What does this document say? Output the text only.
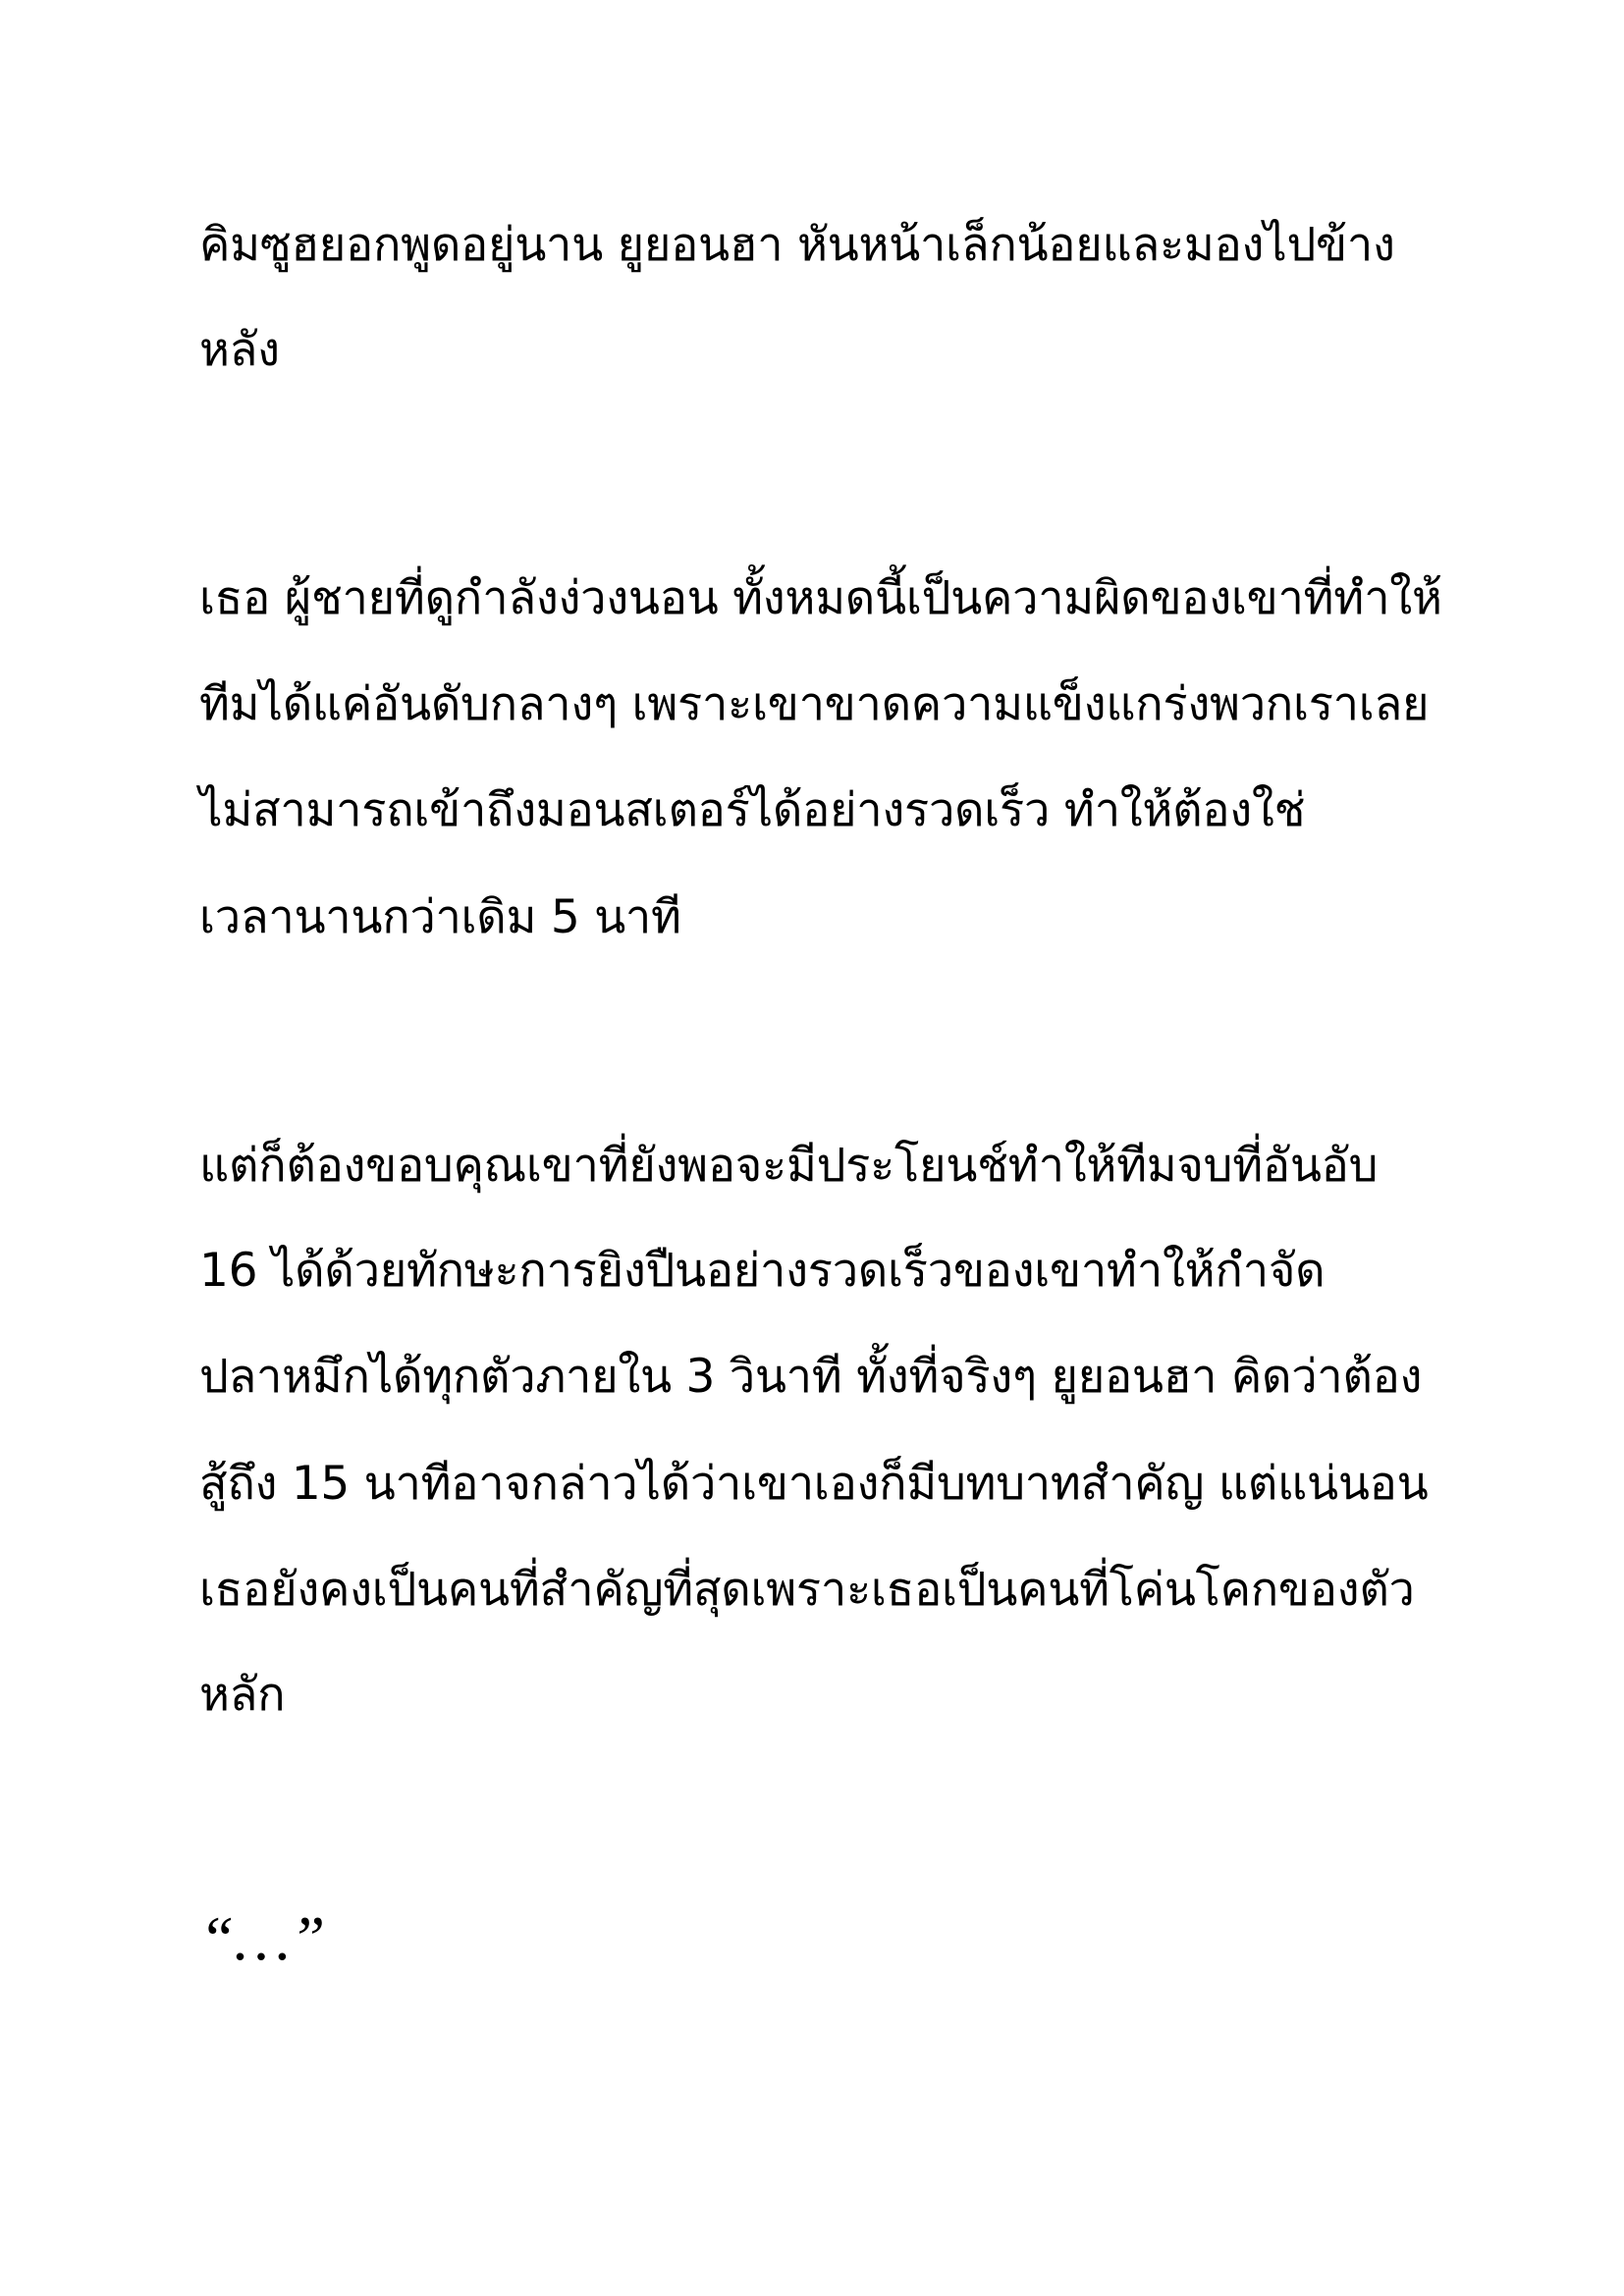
คิมซูฮยอกพูดอยู่นาน ยูยอนฮา หันหน้าเล็กน้อยและมองไปข้าง

หลัง

เธอ ผู้ชายที่ดูกำลังง่วงนอน ทั้งหมดนี้เป็นความผิดของเขาที่ทำให้

ทีมได้แค่อันดับกลางๆ เพราะเขาขาดความแข็งแกร่งพวกเราเลย

ไม่สามารถเข้าถึงมอนสเตอร์ได้อย่างรวดเร็ว ทำให้ต้องใช่

เวลานานกว่าเดิม 5 นาที

แต่ก็ต้องขอบคุณเขาที่ยังพอจะมีประโยนช์ทำให้ทีมจบที่อันอับ

16 ได้ด้วยทักษะการยิงปืนอย่างรวดเร็วของเขาทำให้กำจัด

ปลาหมึกได้ทุกตัวภายใน 3 วินาที ทั้งที่จริงๆ ยูยอนฮา คิดว่าต้อง

สู้ถึง 15 นาทีอาจกล่าวได้ว่าเขาเองก็มีบทบาทสำคัญ แต่แน่นอน

เธอยังคงเป็นคนที่สำคัญที่สุดเพราะเธอเป็นคนที่โค่นโคกของตัว

หลัก

“…”
